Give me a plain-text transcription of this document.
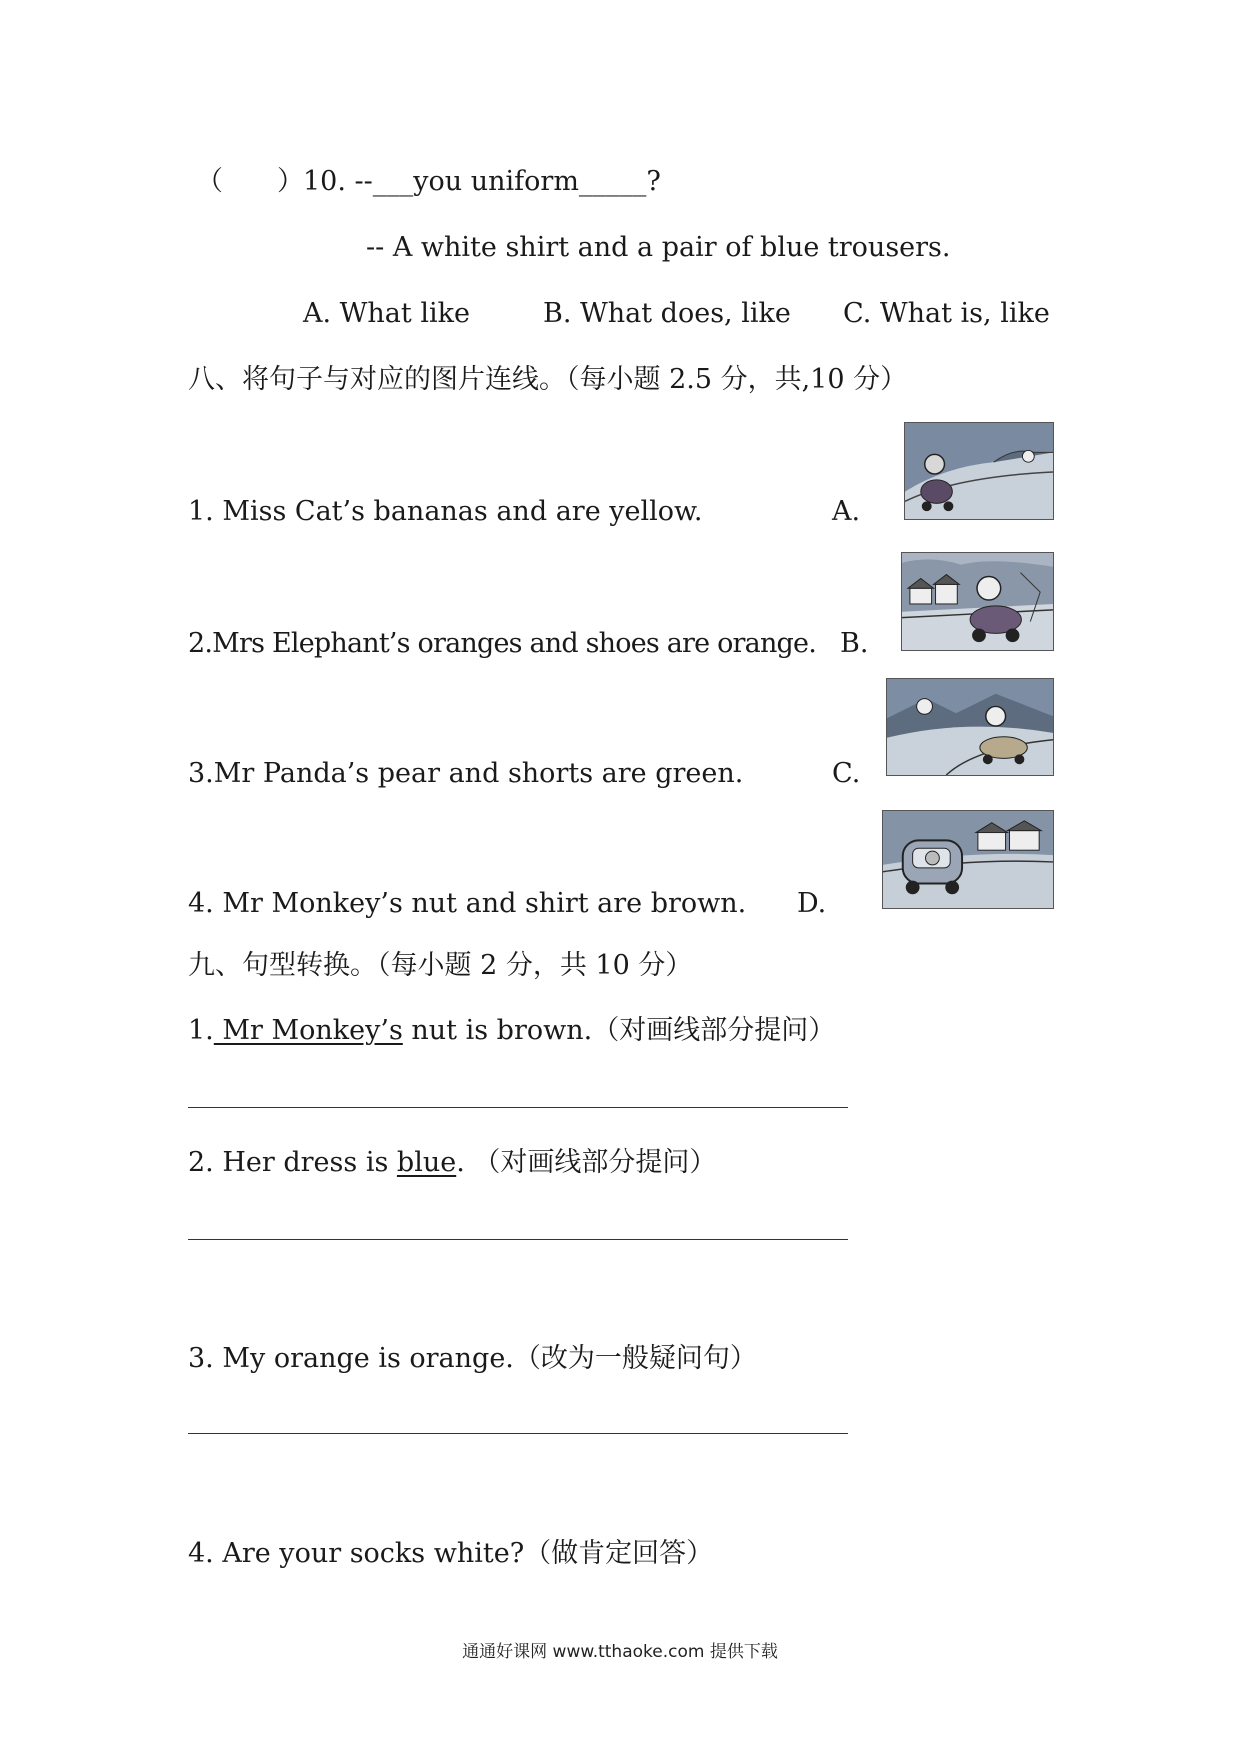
（　　） 10. --___you uniform_____?
-- A white shirt and a pair of blue trousers.
A. What like	B. What does, like C. What is, like
八、将句子与对应的图片连线。（每小题 2.5 分，共,10 分）
1. Miss Cat’s bananas and are yellow.	A.
2.Mrs Elephant’s oranges and shoes are orange. B.
3.Mr Panda’s pear and shorts are green.	C.
4. Mr Monkey’s nut and shirt are brown. D.
九、句型转换。（每小题 2 分，共 10 分）
1. Mr Monkey’s nut is brown.（对画线部分提问）
2. Her dress is blue. （对画线部分提问）
3. My orange is orange.（改为一般疑问句）
4. Are your socks white?（做肯定回答）
通通好课网 www.tthaoke.com 提供下载
